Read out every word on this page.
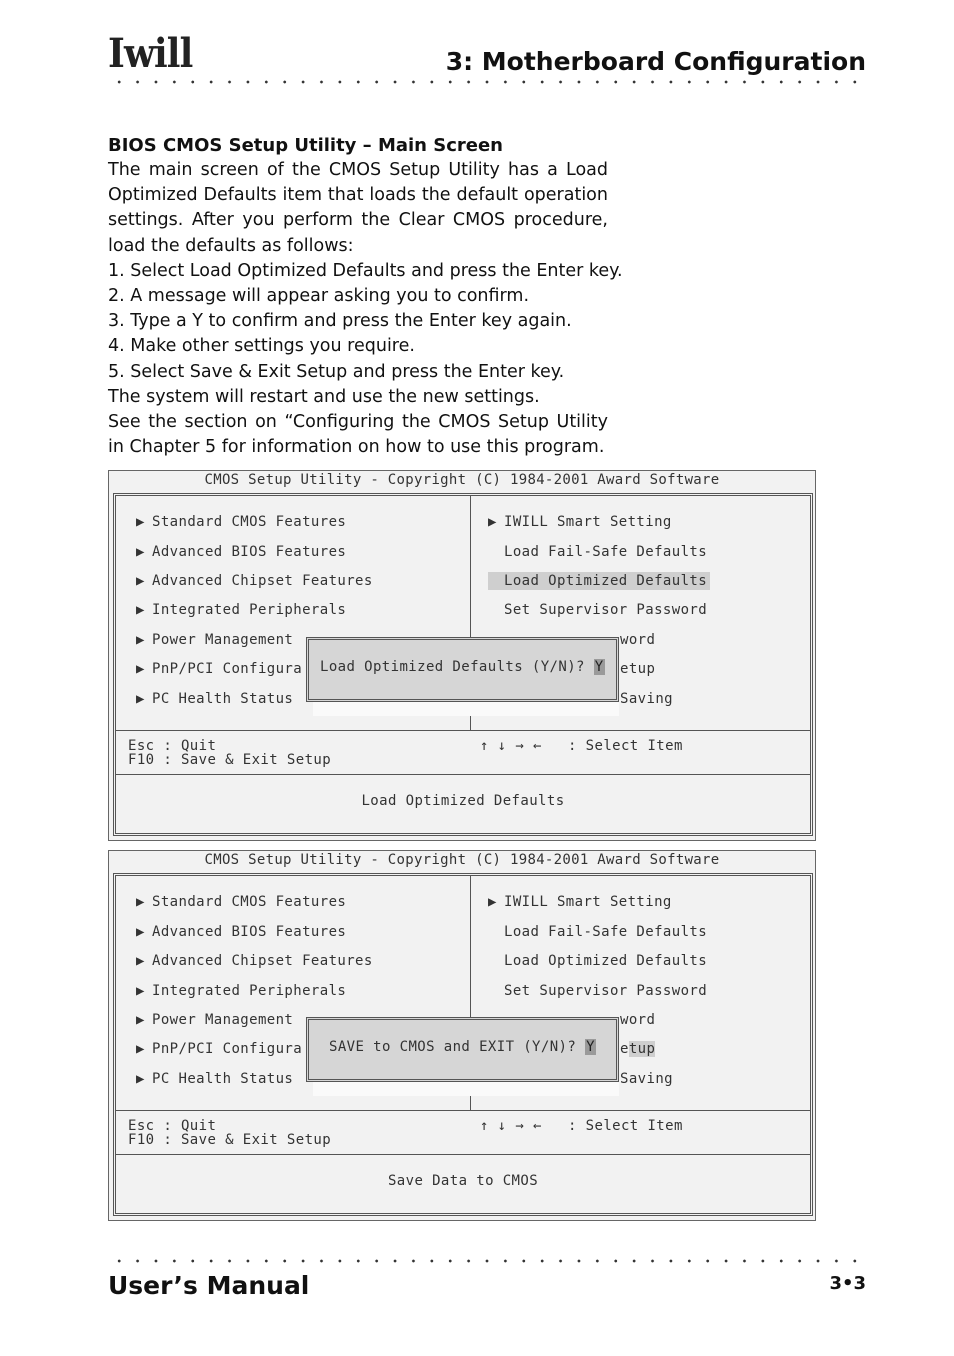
Iwill	3: Motherboard Configuration
BIOS CMOS Setup Utility – Main Screen

The main screen of the CMOS Setup Utility has a Load Optimized Defaults item that loads the default operation settings. After you perform the Clear CMOS procedure, load the defaults as follows:

1. Select Load Optimized Defaults and press the Enter key.
2. A message will appear asking you to confirm.
3. Type a Y to confirm and press the Enter key again.
4. Make other settings you require.
5. Select Save & Exit Setup and press the Enter key.
The system will restart and use the new settings.

See the section on “Configuring the CMOS Setup Utility in Chapter 5 for information on how to use this program.

CMOS Setup Utility - Copyright (C) 1984-2001 Award Software
▶ Standard CMOS Features
▶ Advanced BIOS Features
▶ Advanced Chipset Features
▶ Integrated Peripherals
▶ Power Management
▶ PnP/PCI Configura
▶ PC Health Status
▶ IWILL Smart Setting
Load Fail-Safe Defaults
Load Optimized Defaults
Set Supervisor Password
word
etup
Saving
Load Optimized Defaults (Y/N)? Y
Esc : Quit
F10 : Save & Exit Setup
↑ ↓ → ← : Select Item
Load Optimized Defaults
CMOS Setup Utility - Copyright (C) 1984-2001 Award Software
▶ Standard CMOS Features
▶ Advanced BIOS Features
▶ Advanced Chipset Features
▶ Integrated Peripherals
▶ Power Management
▶ PnP/PCI Configura
▶ PC Health Status
▶ IWILL Smart Setting
Load Fail-Safe Defaults
Load Optimized Defaults
Set Supervisor Password
word
etup
Saving
SAVE to CMOS and EXIT (Y/N)? Y
Esc : Quit
F10 : Save & Exit Setup
↑ ↓ → ← : Select Item
Save Data to CMOS
User’s Manual	3•3
